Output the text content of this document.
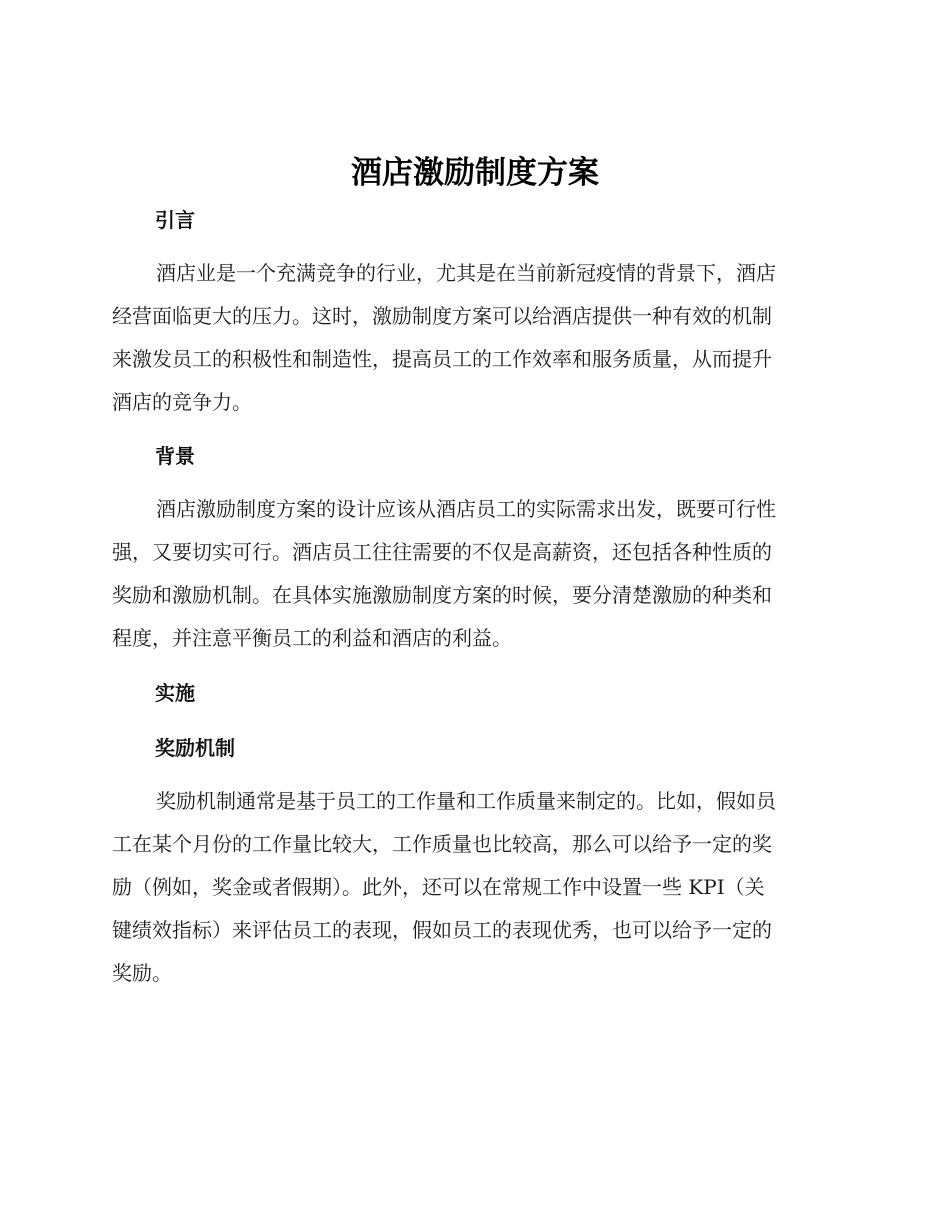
酒店激励制度方案
引言
酒店业是一个充满竞争的行业，尤其是在当前新冠疫情的背景下，酒店
经营面临更大的压力。这时，激励制度方案可以给酒店提供一种有效的机制
来激发员工的积极性和制造性，提高员工的工作效率和服务质量，从而提升
酒店的竞争力。
背景
酒店激励制度方案的设计应该从酒店员工的实际需求出发，既要可行性
强，又要切实可行。酒店员工往往需要的不仅是高薪资，还包括各种性质的
奖励和激励机制。在具体实施激励制度方案的时候，要分清楚激励的种类和
程度，并注意平衡员工的利益和酒店的利益。
实施
奖励机制
奖励机制通常是基于员工的工作量和工作质量来制定的。比如，假如员
工在某个月份的工作量比较大，工作质量也比较高，那么可以给予一定的奖
励（例如，奖金或者假期）。此外，还可以在常规工作中设置一些 KPI（关
键绩效指标）来评估员工的表现，假如员工的表现优秀，也可以给予一定的
奖励。
